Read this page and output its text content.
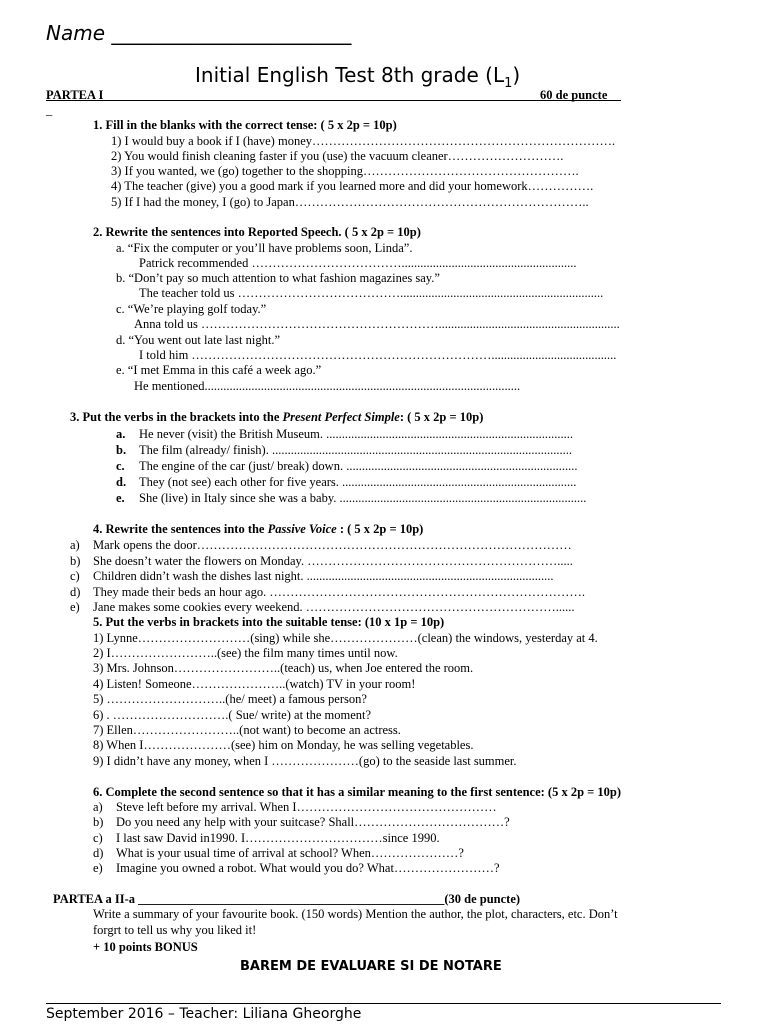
Name ________________________
Initial English Test 8th grade $(L_1)$
PARTEA I	60 de puncte
_
1. Fill in the blanks with the correct tense: ( 5 x 2p = 10p)
1) I would buy a book if I (have) money……………………………………………………………….
2) You would finish cleaning faster if you (use) the vacuum cleaner……………………….
3) If you wanted, we (go) together to the shopping…………………………………………….
4) The teacher (give) you a good mark if you learned more and did your homework…………….
5) If I had the money, I (go) to Japan……………………………………………………………..
2. Rewrite the sentences into Reported Speech. ( 5 x 2p = 10p)
a. “Fix the computer or you’ll have problems soon, Linda”.
Patrick recommended ………………………………........................................................
b. “Don’t pay so much attention to what fashion magazines say.”
The teacher told us ………………………………….................................................................
c. “We’re playing golf today.”
Anna told us …………………………………………………..........................................................
d. “You went out late last night.”
I told him ………………………………………………………………........................................
e. “I met Emma in this café a week ago.”
He mentioned.....................................................................................................
3. Put the verbs in the brackets into the Present Perfect Simple: ( 5 x 2p = 10p)
a. He never (visit) the British Museum. ...............................................................................
b. The film (already/ finish). ................................................................................................
c. The engine of the car (just/ break) down. ..........................................................................
d. They (not see) each other for five years. ...........................................................................
e. She (live) in Italy since she was a baby. ...............................................................................
4. Rewrite the sentences into the Passive Voice : ( 5 x 2p = 10p)
a) Mark opens the door………………………………………………………………………………
b) She doesn’t water the flowers on Monday. …………………………………………………….....
c) Children didn’t wash the dishes last night. ...............................................................................
d) They made their beds an hour ago. ………………………………………………………………….
e) Jane makes some cookies every weekend. ……………………………………………………......
5. Put the verbs in brackets into the suitable tense: (10 x 1p = 10p)
1) Lynne………………………(sing) while she…………………(clean) the windows, yesterday at 4.
2) I……………………..(see) the film many times until now.
3) Mrs. Johnson……………………..(teach) us, when Joe entered the room.
4) Listen! Someone…………………..(watch) TV in your room!
5) ………………………..(he/ meet) a famous person?
6) . ……………………….( Sue/ write) at the moment?
7) Ellen……………………..(not want) to become an actress.
8) When I…………………(see) him on Monday, he was selling vegetables.
9) I didn’t have any money, when I …………………(go) to the seaside last summer.
6. Complete the second sentence so that it has a similar meaning to the first sentence: (5 x 2p = 10p)
a) Steve left before my arrival. When I…………………………………………
b) Do you need any help with your suitcase? Shall………………………………?
c) I last saw David in1990. I……………………………since 1990.
d) What is your usual time of arrival at school? When…………………?
e) Imagine you owned a robot. What would you do? What……………………?
PARTEA a II-a _________________________________________________(30 de puncte)
Write a summary of your favourite book. (150 words) Mention the author, the plot, characters, etc. Don’t
forgrt to tell us why you liked it!
+ 10 points BONUS
BAREM DE EVALUARE SI DE NOTARE
September 2016 – Teacher: Liliana Gheorghe
